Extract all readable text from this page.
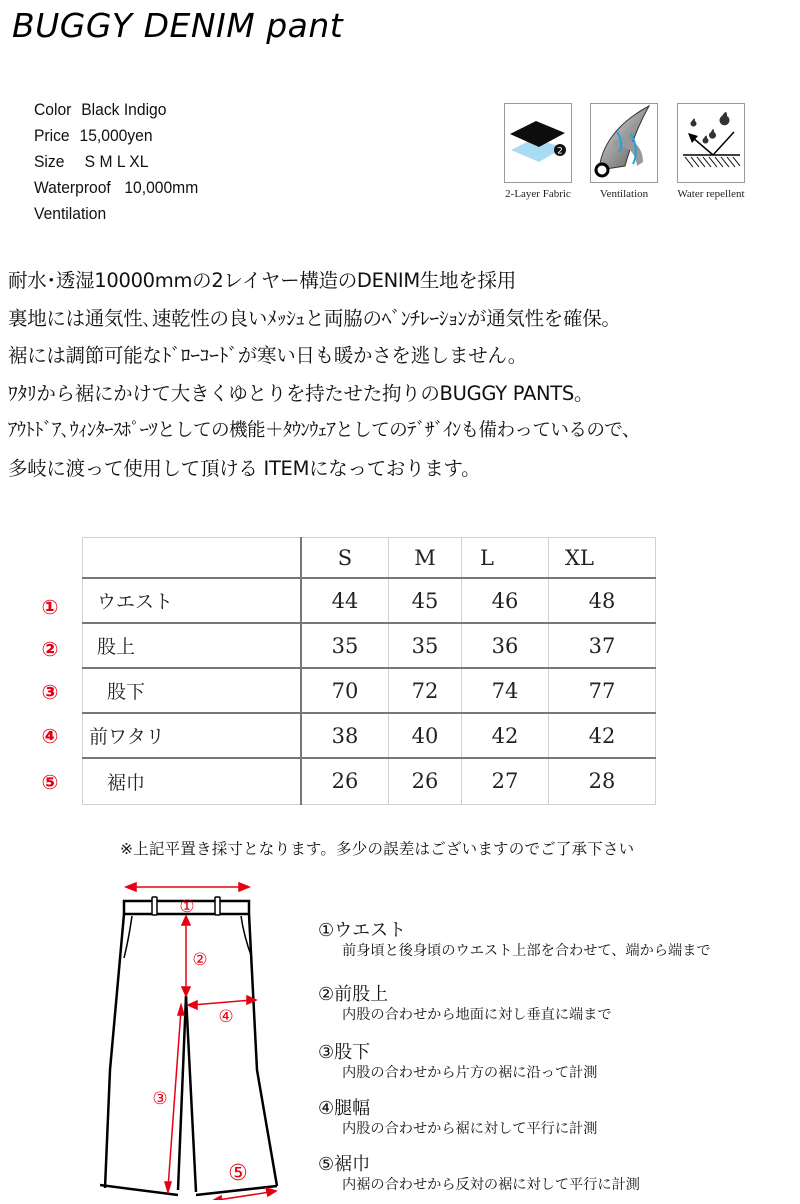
BUGGY DENIM pant
Color Black Indigo
Price 15,000yen
Size S M L XL
Waterproof 10,000mm
Ventilation
2
2-Layer Fabric	Ventilation	Water repellent
耐水･透湿10000mmの2レイヤー構造のDENIM生地を採用
裏地には通気性､速乾性の良いﾒｯｼｭと両脇のﾍﾞﾝﾁﾚｰｼｮﾝが通気性を確保。
裾には調節可能なﾄﾞﾛｰｺｰﾄﾞが寒い日も暖かさを逃しません。
ﾜﾀﾘから裾にかけて大きくゆとりを持たせた拘りのBUGGY PANTS。
ｱｳﾄﾄﾞｱ､ｳｨﾝﾀｰｽﾎﾟｰﾂとしての機能＋ﾀｳﾝｳｪｱとしてのﾃﾞｻﾞｲﾝも備わっているので、
多岐に渡って使用して頂ける ITEMになっております。
①
②
③
④
⑤
	S	M	L	XL
ウエスト	44	45	46	48
股上	35	35	36	37
股下	70	72	74	77
前ワタリ	38	40	42	42
裾巾	26	26	27	28
※上記平置き採寸となります。多少の誤差はございますのでご了承下さい
①
②
④
③
⑤
①ウエスト
前身頃と後身頃のウエスト上部を合わせて、端から端まで
②前股上
内股の合わせから地面に対し垂直に端まで
③股下
内股の合わせから片方の裾に沿って計測
④腿幅
内股の合わせから裾に対して平行に計測
⑤裾巾
内裾の合わせから反対の裾に対して平行に計測
